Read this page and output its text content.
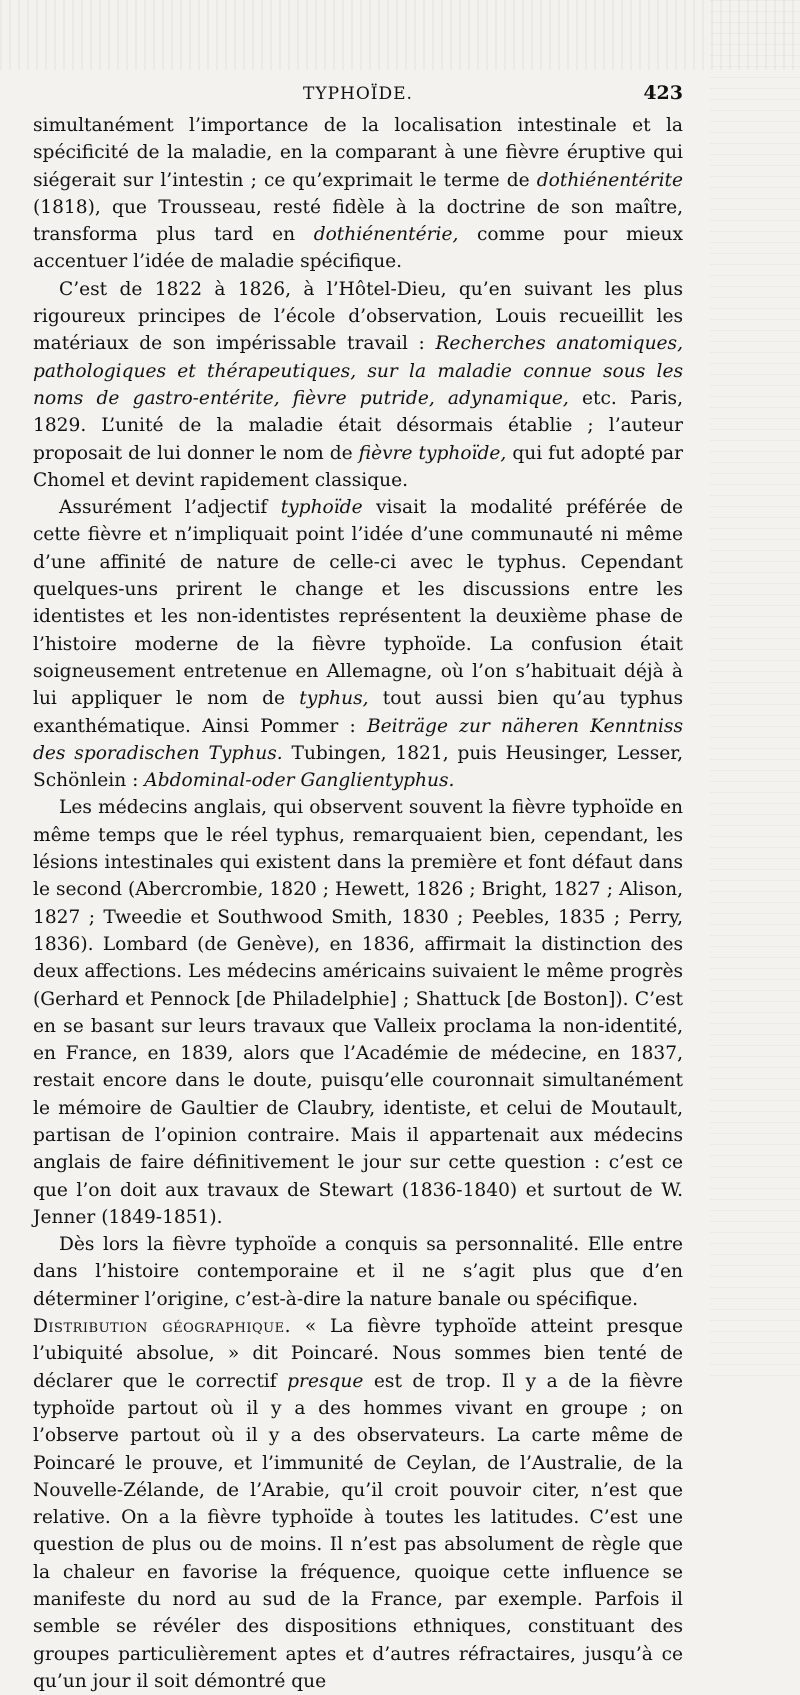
TYPHOÏDE.	423

simultanément l’importance de la localisation intestinale et la spécificité de la maladie, en la comparant à une fièvre éruptive qui siégerait sur l’intestin ; ce qu’exprimait le terme de dothiénentérite (1818), que Trousseau, resté fidèle à la doctrine de son maître, transforma plus tard en dothiénentérie, comme pour mieux accentuer l’idée de maladie spécifique.

C’est de 1822 à 1826, à l’Hôtel-Dieu, qu’en suivant les plus rigoureux principes de l’école d’observation, Louis recueillit les matériaux de son impérissable travail : Recherches anatomiques, pathologiques et thérapeutiques, sur la maladie connue sous les noms de gastro-entérite, fièvre putride, adynamique, etc. Paris, 1829. L’unité de la maladie était désormais établie ; l’auteur proposait de lui donner le nom de fièvre typhoïde, qui fut adopté par Chomel et devint rapidement classique.

Assurément l’adjectif typhoïde visait la modalité préférée de cette fièvre et n’impliquait point l’idée d’une communauté ni même d’une affinité de nature de celle-ci avec le typhus. Cependant quelques-uns prirent le change et les discussions entre les identistes et les non-identistes représentent la deuxième phase de l’histoire moderne de la fièvre typhoïde. La confusion était soigneusement entretenue en Allemagne, où l’on s’habituait déjà à lui appliquer le nom de typhus, tout aussi bien qu’au typhus exanthématique. Ainsi Pommer : Beiträge zur näheren Kenntniss des sporadischen Typhus. Tubingen, 1821, puis Heusinger, Lesser, Schönlein : Abdominal-oder Ganglientyphus.

Les médecins anglais, qui observent souvent la fièvre typhoïde en même temps que le réel typhus, remarquaient bien, cependant, les lésions intestinales qui existent dans la première et font défaut dans le second (Abercrombie, 1820 ; Hewett, 1826 ; Bright, 1827 ; Alison, 1827 ; Tweedie et Southwood Smith, 1830 ; Peebles, 1835 ; Perry, 1836). Lombard (de Genève), en 1836, affirmait la distinction des deux affections. Les médecins américains suivaient le même progrès (Gerhard et Pennock [de Philadelphie] ; Shattuck [de Boston]). C’est en se basant sur leurs travaux que Valleix proclama la non-identité, en France, en 1839, alors que l’Académie de médecine, en 1837, restait encore dans le doute, puisqu’elle couronnait simultanément le mémoire de Gaultier de Claubry, identiste, et celui de Moutault, partisan de l’opinion contraire. Mais il appartenait aux médecins anglais de faire définitivement le jour sur cette question : c’est ce que l’on doit aux travaux de Stewart (1836-1840) et surtout de W. Jenner (1849-1851).

Dès lors la fièvre typhoïde a conquis sa personnalité. Elle entre dans l’histoire contemporaine et il ne s’agit plus que d’en déterminer l’origine, c’est-à-dire la nature banale ou spécifique.

Distribution géographique. « La fièvre typhoïde atteint presque l’ubiquité absolue, » dit Poincaré. Nous sommes bien tenté de déclarer que le correctif presque est de trop. Il y a de la fièvre typhoïde partout où il y a des hommes vivant en groupe ; on l’observe partout où il y a des observateurs. La carte même de Poincaré le prouve, et l’immunité de Ceylan, de l’Australie, de la Nouvelle-Zélande, de l’Arabie, qu’il croit pouvoir citer, n’est que relative. On a la fièvre typhoïde à toutes les latitudes. C’est une question de plus ou de moins. Il n’est pas absolument de règle que la chaleur en favorise la fréquence, quoique cette influence se manifeste du nord au sud de la France, par exemple. Parfois il semble se révéler des dispositions ethniques, constituant des groupes particulièrement aptes et d’autres réfractaires, jusqu’à ce qu’un jour il soit démontré que
